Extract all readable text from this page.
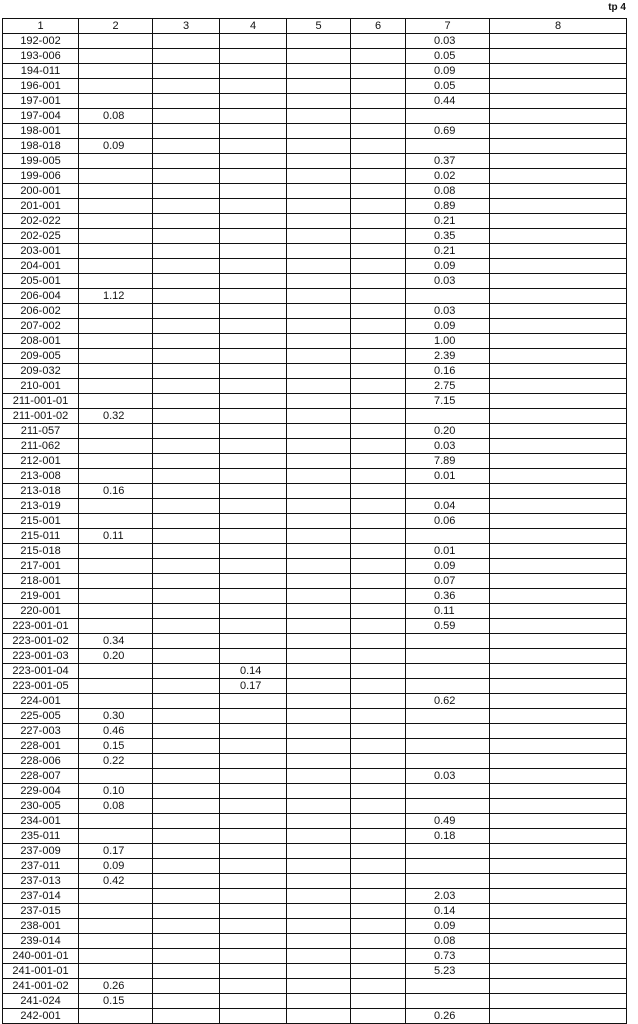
tp 4
1	2	3	4	5	6	7	8
192-002						0.03	
193-006						0.05	
194-011						0.09	
196-001						0.05	
197-001						0.44	
197-004	0.08						
198-001						0.69	
198-018	0.09						
199-005						0.37	
199-006						0.02	
200-001						0.08	
201-001						0.89	
202-022						0.21	
202-025						0.35	
203-001						0.21	
204-001						0.09	
205-001						0.03	
206-004	1.12						
206-002						0.03	
207-002						0.09	
208-001						1.00	
209-005						2.39	
209-032						0.16	
210-001						2.75	
211-001-01						7.15	
211-001-02	0.32						
211-057						0.20	
211-062						0.03	
212-001						7.89	
213-008						0.01	
213-018	0.16						
213-019						0.04	
215-001						0.06	
215-011	0.11						
215-018						0.01	
217-001						0.09	
218-001						0.07	
219-001						0.36	
220-001						0.11	
223-001-01						0.59	
223-001-02	0.34						
223-001-03	0.20						
223-001-04			0.14				
223-001-05			0.17				
224-001						0.62	
225-005	0.30						
227-003	0.46						
228-001	0.15						
228-006	0.22						
228-007						0.03	
229-004	0.10						
230-005	0.08						
234-001						0.49	
235-011						0.18	
237-009	0.17						
237-011	0.09						
237-013	0.42						
237-014						2.03	
237-015						0.14	
238-001						0.09	
239-014						0.08	
240-001-01						0.73	
241-001-01						5.23	
241-001-02	0.26						
241-024	0.15						
242-001						0.26	
